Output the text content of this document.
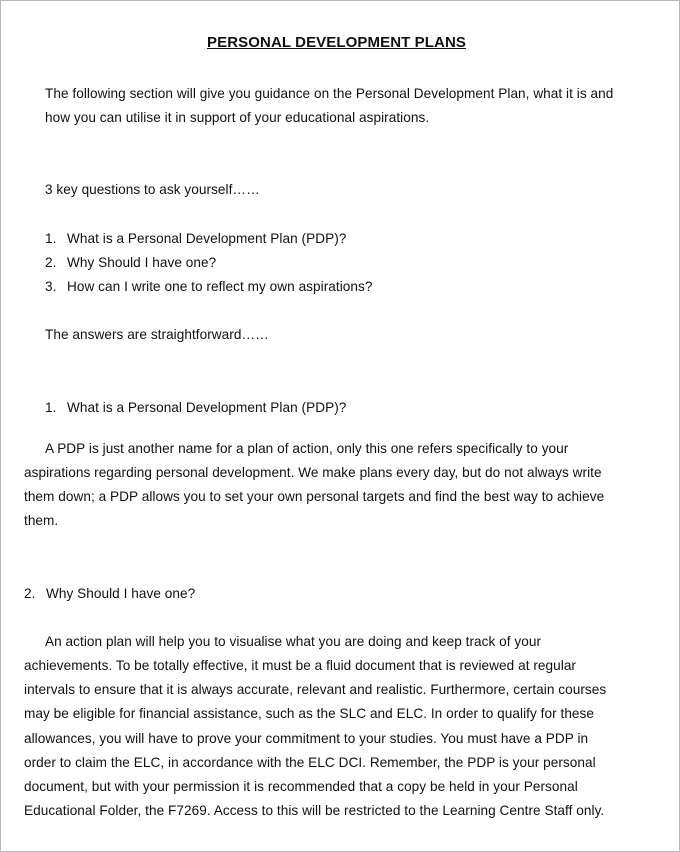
PERSONAL DEVELOPMENT PLANS
The following section will give you guidance on the Personal Development Plan, what it is and
how you can utilise it in support of your educational aspirations.
3 key questions to ask yourself……
1. What is a Personal Development Plan (PDP)?
2. Why Should I have one?
3. How can I write one to reflect my own aspirations?
The answers are straightforward……
1. What is a Personal Development Plan (PDP)?
A PDP is just another name for a plan of action, only this one refers specifically to your
aspirations regarding personal development. We make plans every day, but do not always write
them down; a PDP allows you to set your own personal targets and find the best way to achieve
them.
2. Why Should I have one?
An action plan will help you to visualise what you are doing and keep track of your
achievements. To be totally effective, it must be a fluid document that is reviewed at regular
intervals to ensure that it is always accurate, relevant and realistic. Furthermore, certain courses
may be eligible for financial assistance, such as the SLC and ELC. In order to qualify for these
allowances, you will have to prove your commitment to your studies. You must have a PDP in
order to claim the ELC, in accordance with the ELC DCI. Remember, the PDP is your personal
document, but with your permission it is recommended that a copy be held in your Personal
Educational Folder, the F7269. Access to this will be restricted to the Learning Centre Staff only.
